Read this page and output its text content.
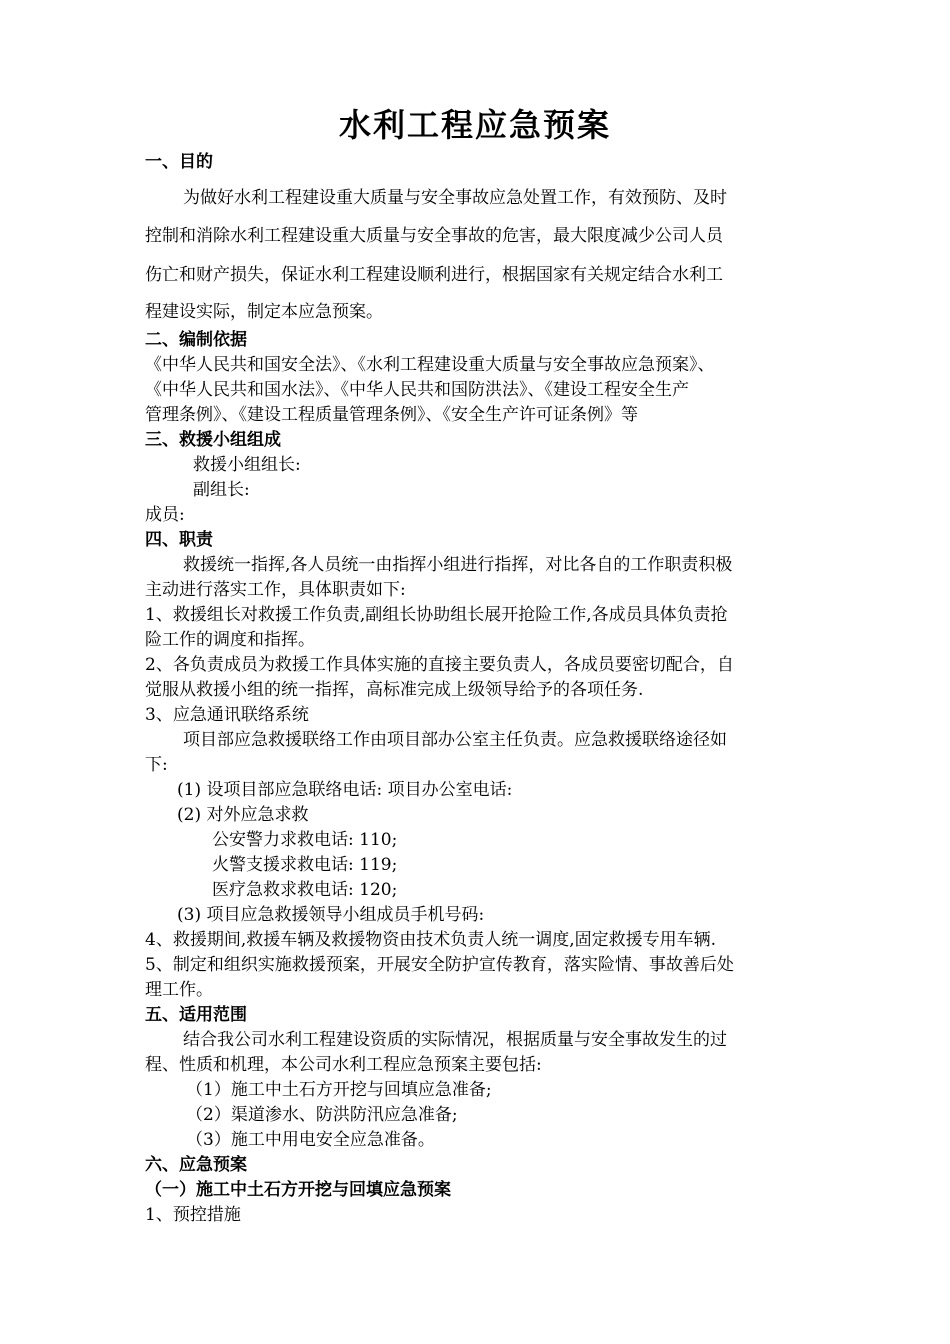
水利工程应急预案
一、目的
为做好水利工程建设重大质量与安全事故应急处置工作，有效预防、及时
控制和消除水利工程建设重大质量与安全事故的危害，最大限度减少公司人员
伤亡和财产损失，保证水利工程建设顺利进行，根据国家有关规定结合水利工
程建设实际，制定本应急预案。
二、编制依据
《中华人民共和国安全法》、《水利工程建设重大质量与安全事故应急预案》、
《中华人民共和国水法》、《中华人民共和国防洪法》、《建设工程安全生产
管理条例》、《建设工程质量管理条例》、《安全生产许可证条例》等
三、救援小组组成
救援小组组长:
副组长:
成员:
四、职责
救援统一指挥,各人员统一由指挥小组进行指挥，对比各自的工作职责积极
主动进行落实工作，具体职责如下:
1、救援组长对救援工作负责,副组长协助组长展开抢险工作,各成员具体负责抢
险工作的调度和指挥。
2、各负责成员为救援工作具体实施的直接主要负责人，各成员要密切配合，自
觉服从救援小组的统一指挥，高标准完成上级领导给予的各项任务.
3、应急通讯联络系统
项目部应急救援联络工作由项目部办公室主任负责。应急救援联络途径如
下:
(1) 设项目部应急联络电话: 项目办公室电话:
(2) 对外应急求救
公安警力求救电话: 110;
火警支援求救电话: 119;
医疗急救求救电话: 120;
(3) 项目应急救援领导小组成员手机号码:
4、救援期间,救援车辆及救援物资由技术负责人统一调度,固定救援专用车辆.
5、制定和组织实施救援预案，开展安全防护宣传教育，落实险情、事故善后处
理工作。
五、适用范围
结合我公司水利工程建设资质的实际情况，根据质量与安全事故发生的过
程、性质和机理，本公司水利工程应急预案主要包括:
（1）施工中土石方开挖与回填应急准备;
（2）渠道渗水、防洪防汛应急准备;
（3）施工中用电安全应急准备。
六、应急预案
（一）施工中土石方开挖与回填应急预案
1、预控措施
